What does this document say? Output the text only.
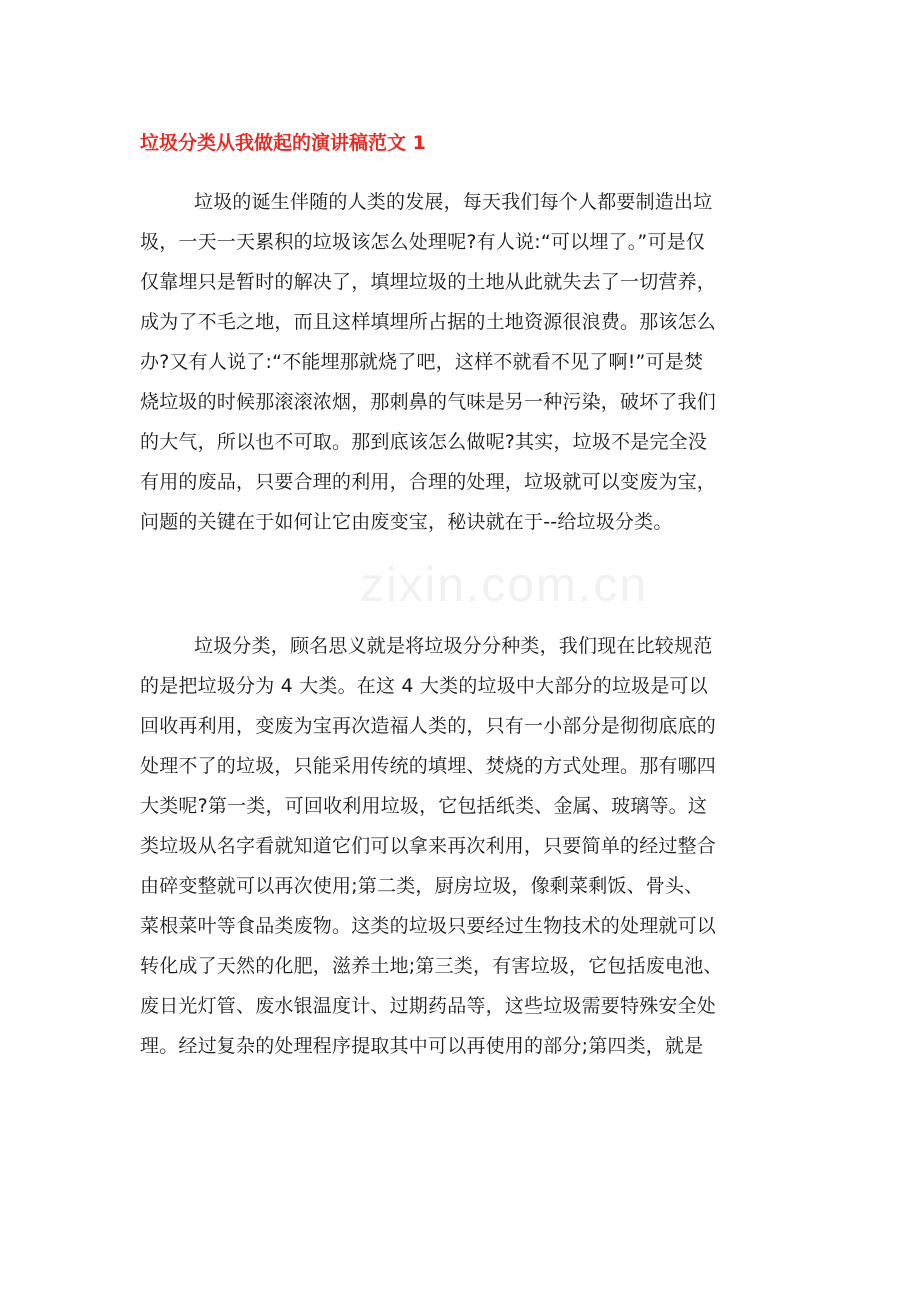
垃圾分类从我做起的演讲稿范文 1
zixin.com.cn
垃圾的诞生伴随的人类的发展，每天我们每个人都要制造出垃
圾，一天一天累积的垃圾该怎么处理呢?有人说:“可以埋了。”可是仅
仅靠埋只是暂时的解决了，填埋垃圾的土地从此就失去了一切营养，
成为了不毛之地，而且这样填埋所占据的土地资源很浪费。那该怎么
办?又有人说了:“不能埋那就烧了吧，这样不就看不见了啊!”可是焚
烧垃圾的时候那滚滚浓烟，那刺鼻的气味是另一种污染，破坏了我们
的大气，所以也不可取。那到底该怎么做呢?其实，垃圾不是完全没
有用的废品，只要合理的利用，合理的处理，垃圾就可以变废为宝，
问题的关键在于如何让它由废变宝，秘诀就在于--给垃圾分类。
垃圾分类，顾名思义就是将垃圾分分种类，我们现在比较规范
的是把垃圾分为 4 大类。在这 4 大类的垃圾中大部分的垃圾是可以
回收再利用，变废为宝再次造福人类的，只有一小部分是彻彻底底的
处理不了的垃圾，只能采用传统的填埋、焚烧的方式处理。那有哪四
大类呢?第一类，可回收利用垃圾，它包括纸类、金属、玻璃等。这
类垃圾从名字看就知道它们可以拿来再次利用，只要简单的经过整合
由碎变整就可以再次使用;第二类，厨房垃圾，像剩菜剩饭、骨头、
菜根菜叶等食品类废物。这类的垃圾只要经过生物技术的处理就可以
转化成了天然的化肥，滋养土地;第三类，有害垃圾，它包括废电池、
废日光灯管、废水银温度计、过期药品等，这些垃圾需要特殊安全处
理。经过复杂的处理程序提取其中可以再使用的部分;第四类，就是
